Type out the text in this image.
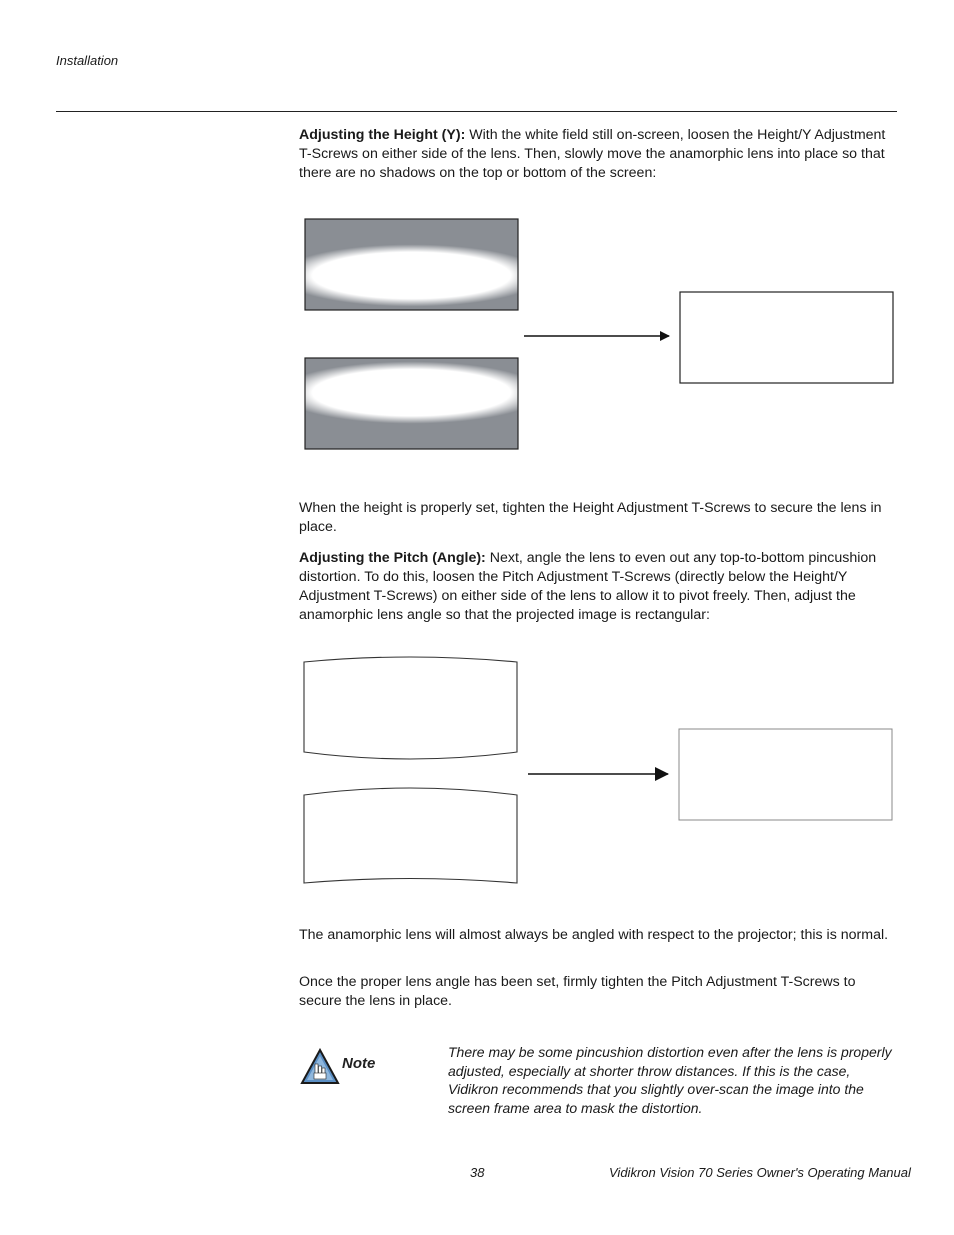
Installation
Adjusting the Height (Y): With the white field still on-screen, loosen the Height/Y Adjustment T-Screws on either side of the lens. Then, slowly move the anamorphic lens into place so that there are no shadows on the top or bottom of the screen:
When the height is properly set, tighten the Height Adjustment T-Screws to secure the lens in place.
Adjusting the Pitch (Angle): Next, angle the lens to even out any top-to-bottom pincushion distortion. To do this, loosen the Pitch Adjustment T-Screws (directly below the Height/Y Adjustment T-Screws) on either side of the lens to allow it to pivot freely. Then, adjust the anamorphic lens angle so that the projected image is rectangular:
The anamorphic lens will almost always be angled with respect to the projector; this is normal.
Once the proper lens angle has been set, firmly tighten the Pitch Adjustment T-Screws to secure the lens in place.
Note
There may be some pincushion distortion even after the lens is properly adjusted, especially at shorter throw distances. If this is the case, Vidikron recommends that you slightly over-scan the image into the screen frame area to mask the distortion.
38	Vidikron Vision 70 Series Owner's Operating Manual
